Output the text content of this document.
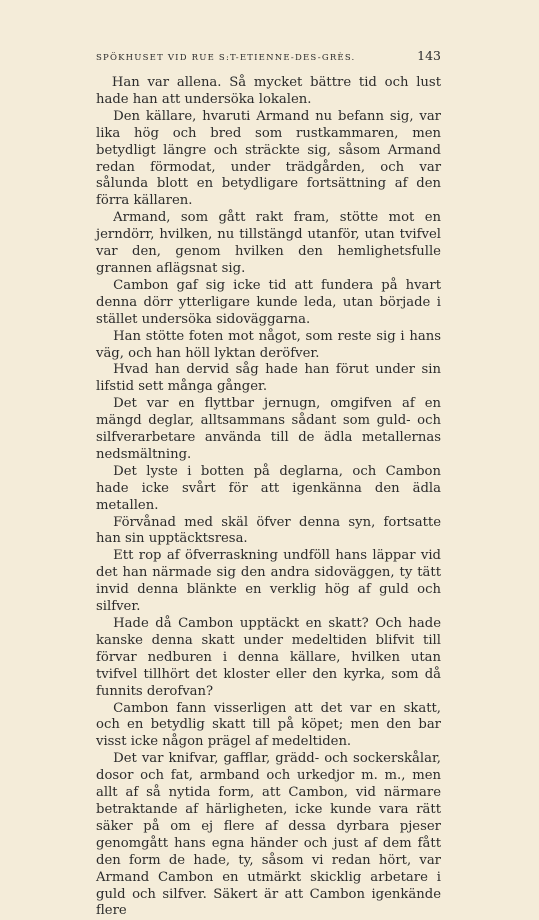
SPÖKHUSET VID RUE S:T-ETIENNE-DES-GRÈS.	143

Han var allena. Så mycket bättre tid och lust hade han att undersöka lokalen.

Den källare, hvaruti Armand nu befann sig, var lika hög och bred som rustkammaren, men betydligt längre och sträckte sig, såsom Armand redan förmodat, under trädgården, och var sålunda blott en betydligare fortsättning af den förra källaren.

Armand, som gått rakt fram, stötte mot en jerndörr, hvilken, nu tillstängd utanför, utan tvifvel var den, genom hvilken den hemlighetsfulle grannen aflägsnat sig.

Cambon gaf sig icke tid att fundera på hvart denna dörr ytterligare kunde leda, utan började i stället undersöka sidoväggarna.

Han stötte foten mot något, som reste sig i hans väg, och han höll lyktan deröfver.

Hvad han dervid såg hade han förut under sin lifstid sett många gånger.

Det var en flyttbar jernugn, omgifven af en mängd deglar, alltsammans sådant som guld- och silfverarbetare använda till de ädla metallernas nedsmältning.

Det lyste i botten på deglarna, och Cambon hade icke svårt för att igenkänna den ädla metallen.

Förvånad med skäl öfver denna syn, fortsatte han sin upptäcktsresa.

Ett rop af öfverraskning undföll hans läppar vid det han närmade sig den andra sidoväggen, ty tätt invid denna blänkte en verklig hög af guld och silfver.

Hade då Cambon upptäckt en skatt? Och hade kanske denna skatt under medeltiden blifvit till förvar nedburen i denna källare, hvilken utan tvifvel tillhört det kloster eller den kyrka, som då funnits derofvan?

Cambon fann visserligen att det var en skatt, och en betydlig skatt till på köpet; men den bar visst icke någon prägel af medeltiden.

Det var knifvar, gafflar, grädd- och sockerskålar, dosor och fat, armband och urkedjor m. m., men allt af så nytida form, att Cambon, vid närmare betraktande af härligheten, icke kunde vara rätt säker på om ej flere af dessa dyrbara pjeser genomgått hans egna händer och just af dem fått den form de hade, ty, såsom vi redan hört, var Armand Cambon en utmärkt skicklig arbetare i guld och silfver. Säkert är att Cambon igenkände flere
